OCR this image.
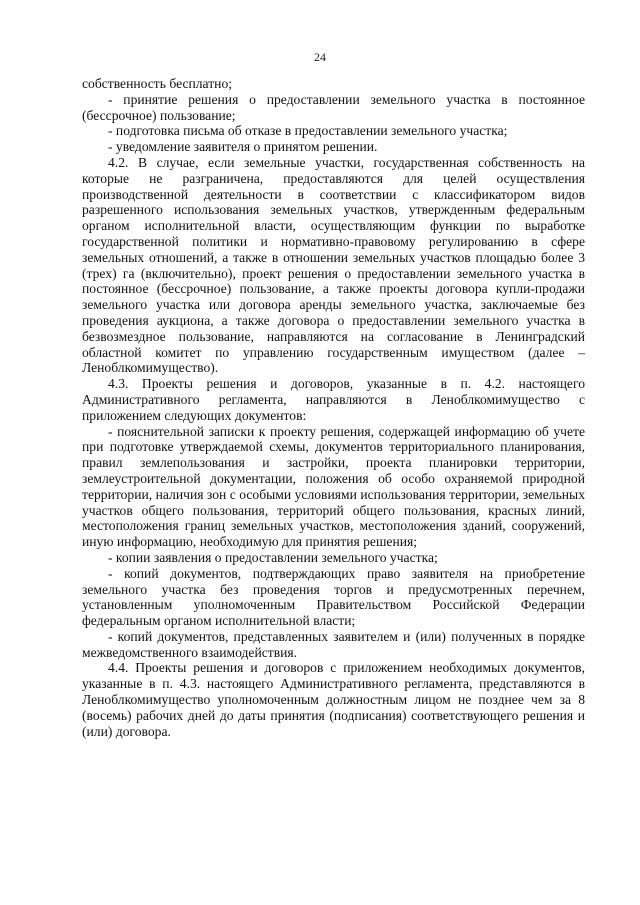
24

собственность бесплатно;

- принятие решения о предоставлении земельного участка в постоянное (бессрочное) пользование;

- подготовка письма об отказе в предоставлении земельного участка;

- уведомление заявителя о принятом решении.

4.2. В случае, если земельные участки, государственная собственность на которые не разграничена, предоставляются для целей осуществления производственной деятельности в соответствии с классификатором видов разрешенного использования земельных участков, утвержденным федеральным органом исполнительной власти, осуществляющим функции по выработке государственной политики и нормативно-правовому регулированию в сфере земельных отношений, а также в отношении земельных участков площадью более 3 (трех) га (включительно), проект решения о предоставлении земельного участка в постоянное (бессрочное) пользование, а также проекты договора купли-продажи земельного участка или договора аренды земельного участка, заключаемые без проведения аукциона, а также договора о предоставлении земельного участка в безвозмездное пользование, направляются на согласование в Ленинградский областной комитет по управлению государственным имуществом (далее – Леноблкомимущество).

4.3. Проекты решения и договоров, указанные в п. 4.2. настоящего Административного регламента, направляются в Леноблкомимущество с приложением следующих документов:

- пояснительной записки к проекту решения, содержащей информацию об учете при подготовке утверждаемой схемы, документов территориального планирования, правил землепользования и застройки, проекта планировки территории, землеустроительной документации, положения об особо охраняемой природной территории, наличия зон с особыми условиями использования территории, земельных участков общего пользования, территорий общего пользования, красных линий, местоположения границ земельных участков, местоположения зданий, сооружений, иную информацию, необходимую для принятия решения;

- копии заявления о предоставлении земельного участка;

- копий документов, подтверждающих право заявителя на приобретение земельного участка без проведения торгов и предусмотренных перечнем, установленным уполномоченным Правительством Российской Федерации федеральным органом исполнительной власти;

- копий документов, представленных заявителем и (или) полученных в порядке межведомственного взаимодействия.

4.4. Проекты решения и договоров с приложением необходимых документов, указанные в п. 4.3. настоящего Административного регламента, представляются в Леноблкомимущество уполномоченным должностным лицом не позднее чем за 8 (восемь) рабочих дней до даты принятия (подписания) соответствующего решения и (или) договора.
